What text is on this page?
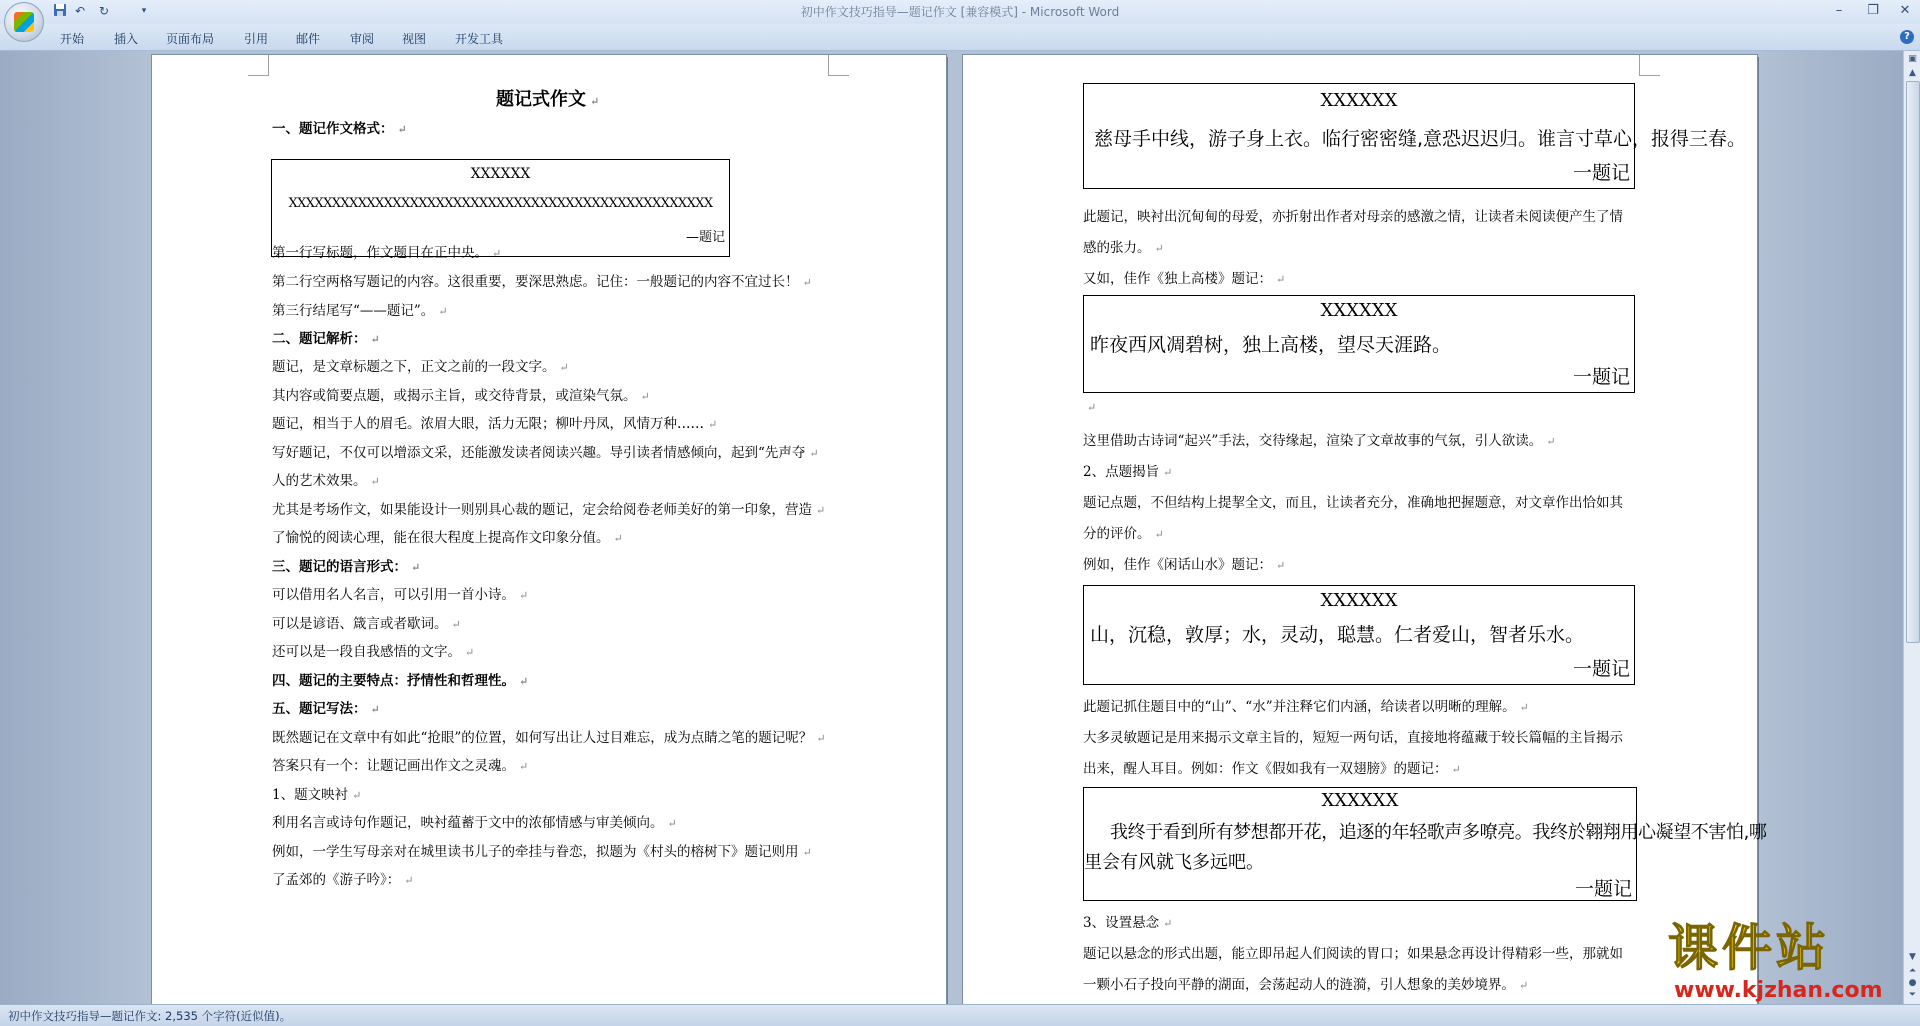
↶ ↻	▾	初中作文技巧指导—题记作文 [兼容模式] - Microsoft Word	–	❐	✕
开始 插入 页面布局 引用 邮件 审阅 视图 开发工具	?
题记式作文 ↵
一、题记作文格式： ↵
XXXXXX
XXXXXXXXXXXXXXXXXXXXXXXXXXXXXXXXXXXXXXXXXXXXXXXXX
—题记
第一行写标题，作文题目在正中央。 ↵
第二行空两格写题记的内容。这很重要，要深思熟虑。记住：一般题记的内容不宜过长！ ↵
第三行结尾写“——题记”。 ↵
二、题记解析： ↵
题记，是文章标题之下，正文之前的一段文字。 ↵
其内容或简要点题，或揭示主旨，或交待背景，或渲染气氛。 ↵
题记，相当于人的眉毛。浓眉大眼，活力无限；柳叶丹凤，风情万种…… ↵
写好题记，不仅可以增添文采，还能激发读者阅读兴趣。导引读者情感倾向，起到“先声夺 ↵
人的艺术效果。 ↵
尤其是考场作文，如果能设计一则别具心裁的题记，定会给阅卷老师美好的第一印象，营造 ↵
了愉悦的阅读心理，能在很大程度上提高作文印象分值。 ↵
三、题记的语言形式： ↵
可以借用名人名言，可以引用一首小诗。 ↵
可以是谚语、箴言或者歇词。 ↵
还可以是一段自我感悟的文字。 ↵
四、题记的主要特点：抒情性和哲理性。 ↵
五、题记写法： ↵
既然题记在文章中有如此“抢眼”的位置，如何写出让人过目难忘，成为点睛之笔的题记呢？ ↵
答案只有一个：让题记画出作文之灵魂。 ↵
1、题文映衬 ↵
利用名言或诗句作题记，映衬蕴蓄于文中的浓郁情感与审美倾向。 ↵
例如，一学生写母亲对在城里读书儿子的牵挂与眷恋，拟题为《村头的榕树下》题记则用 ↵
了孟郊的《游子吟》： ↵
XXXXXX
慈母手中线，游子身上衣。临行密密缝,意恐迟迟归。谁言寸草心，报得三春。
一题记
此题记，映衬出沉甸甸的母爱，亦折射出作者对母亲的感激之情，让读者未阅读便产生了情
感的张力。 ↵
又如，佳作《独上高楼》题记： ↵
XXXXXX
昨夜西风凋碧树，独上高楼，望尽天涯路。
一题记
↵
这里借助古诗词“起兴”手法，交待缘起，渲染了文章故事的气氛，引人欲读。 ↵
2、点题揭旨 ↵
题记点题，不但结构上提挈全文，而且，让读者充分，准确地把握题意，对文章作出恰如其
分的评价。 ↵
例如，佳作《闲话山水》题记： ↵
XXXXXX
山，沉稳，敦厚；水，灵动，聪慧。仁者爱山，智者乐水。
一题记
此题记抓住题目中的“山”、“水”并注释它们内涵，给读者以明晰的理解。 ↵
大多灵敏题记是用来揭示文章主旨的，短短一两句话，直接地将蕴藏于较长篇幅的主旨揭示
出来，醒人耳目。例如：作文《假如我有一双翅膀》的题记： ↵
XXXXXX
我终于看到所有梦想都开花，追逐的年轻歌声多嘹亮。我终於翱翔用心凝望不害怕,哪
里会有风就飞多远吧。
一题记
3、设置悬念 ↵
题记以悬念的形式出题，能立即吊起人们阅读的胃口；如果悬念再设计得精彩一些，那就如
一颗小石子投向平静的湖面，会荡起动人的涟漪，引人想象的美妙境界。 ↵
▣
▲
▼
⏶
●
⏷
初中作文技巧指导—题记作文: 2,535 个字符(近似值)。
课件站
www.kjzhan.com
